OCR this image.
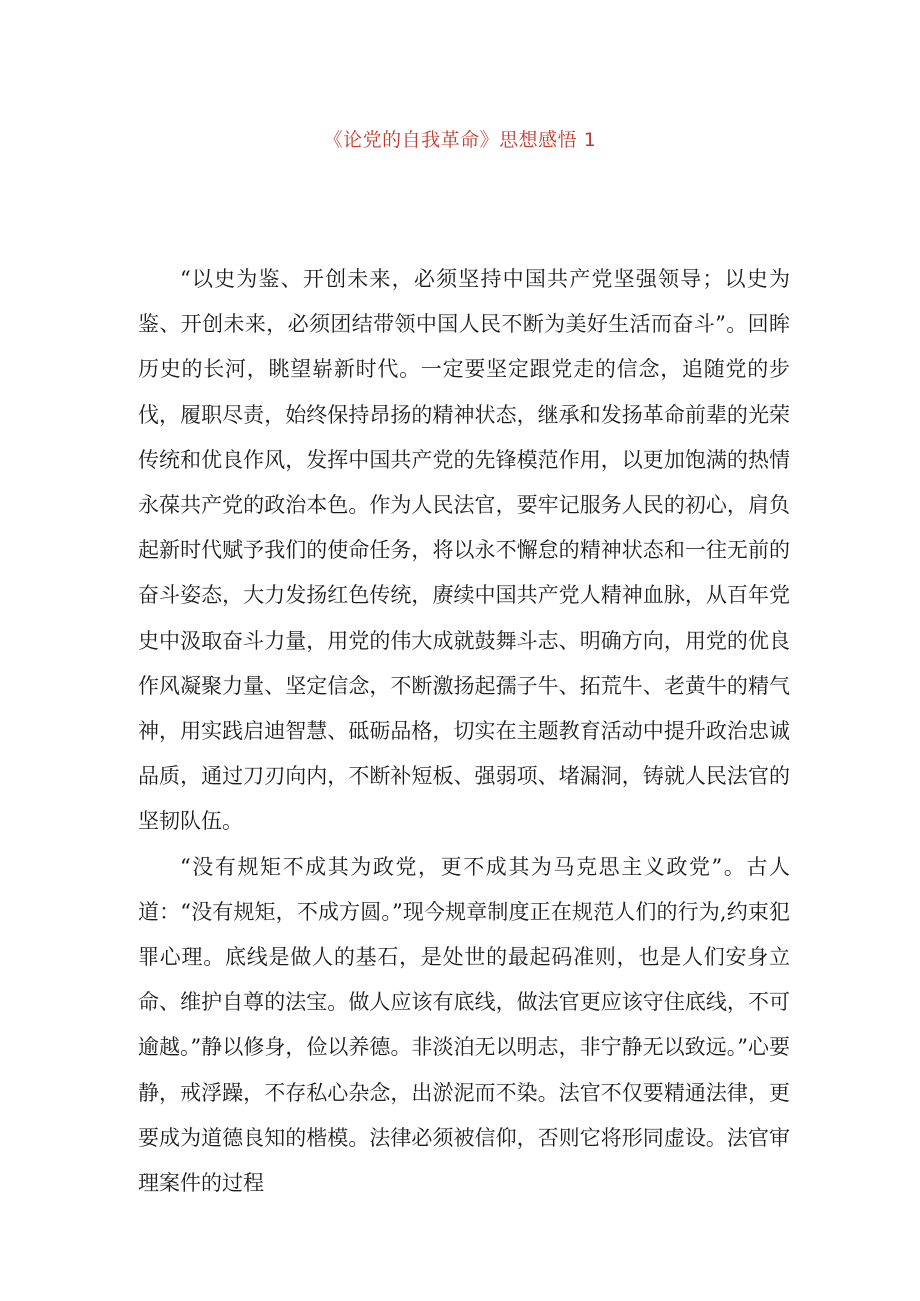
《论党的自我革命》思想感悟 1

“以史为鉴、开创未来，必须坚持中国共产党坚强领导；以史为鉴、开创未来，必须团结带领中国人民不断为美好生活而奋斗”。回眸历史的长河，眺望崭新时代。一定要坚定跟党走的信念，追随党的步伐，履职尽责，始终保持昂扬的精神状态，继承和发扬革命前辈的光荣传统和优良作风，发挥中国共产党的先锋模范作用，以更加饱满的热情永葆共产党的政治本色。作为人民法官，要牢记服务人民的初心，肩负起新时代赋予我们的使命任务，将以永不懈怠的精神状态和一往无前的奋斗姿态，大力发扬红色传统，赓续中国共产党人精神血脉，从百年党史中汲取奋斗力量，用党的伟大成就鼓舞斗志、明确方向，用党的优良作风凝聚力量、坚定信念，不断激扬起孺子牛、拓荒牛、老黄牛的精气神，用实践启迪智慧、砥砺品格，切实在主题教育活动中提升政治忠诚品质，通过刀刃向内，不断补短板、强弱项、堵漏洞，铸就人民法官的坚韧队伍。

“没有规矩不成其为政党，更不成其为马克思主义政党”。古人道：“没有规矩，不成方圆。”现今规章制度正在规范人们的行为,约束犯罪心理。底线是做人的基石，是处世的最起码准则，也是人们安身立命、维护自尊的法宝。做人应该有底线，做法官更应该守住底线，不可逾越。”静以修身，俭以养德。非淡泊无以明志，非宁静无以致远。”心要静，戒浮躁，不存私心杂念，出淤泥而不染。法官不仅要精通法律，更要成为道德良知的楷模。法律必须被信仰，否则它将形同虚设。法官审理案件的过程
